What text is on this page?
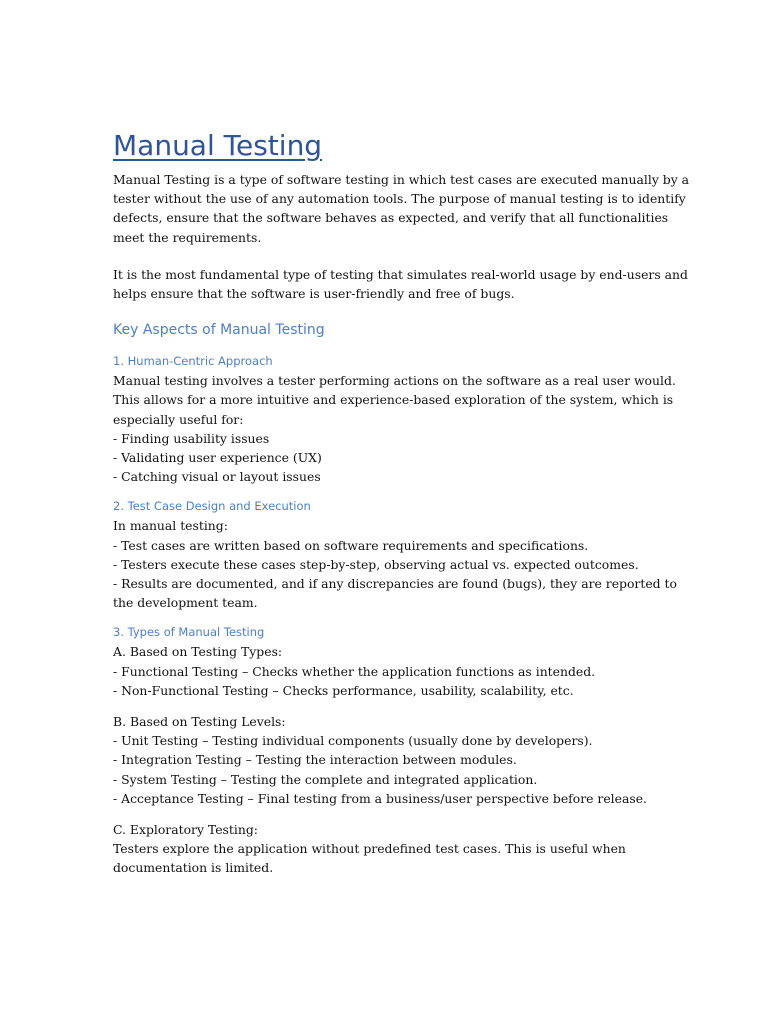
Manual Testing
Manual Testing is a type of software testing in which test cases are executed manually by a
tester without the use of any automation tools. The purpose of manual testing is to identify
defects, ensure that the software behaves as expected, and verify that all functionalities
meet the requirements.
It is the most fundamental type of testing that simulates real-world usage by end-users and
helps ensure that the software is user-friendly and free of bugs.
Key Aspects of Manual Testing
1. Human-Centric Approach
Manual testing involves a tester performing actions on the software as a real user would.
This allows for a more intuitive and experience-based exploration of the system, which is
especially useful for:
- Finding usability issues
- Validating user experience (UX)
- Catching visual or layout issues
2. Test Case Design and Execution
In manual testing:
- Test cases are written based on software requirements and specifications.
- Testers execute these cases step-by-step, observing actual vs. expected outcomes.
- Results are documented, and if any discrepancies are found (bugs), they are reported to
the development team.
3. Types of Manual Testing
A. Based on Testing Types:
- Functional Testing – Checks whether the application functions as intended.
- Non-Functional Testing – Checks performance, usability, scalability, etc.
B. Based on Testing Levels:
- Unit Testing – Testing individual components (usually done by developers).
- Integration Testing – Testing the interaction between modules.
- System Testing – Testing the complete and integrated application.
- Acceptance Testing – Final testing from a business/user perspective before release.
C. Exploratory Testing:
Testers explore the application without predefined test cases. This is useful when
documentation is limited.
